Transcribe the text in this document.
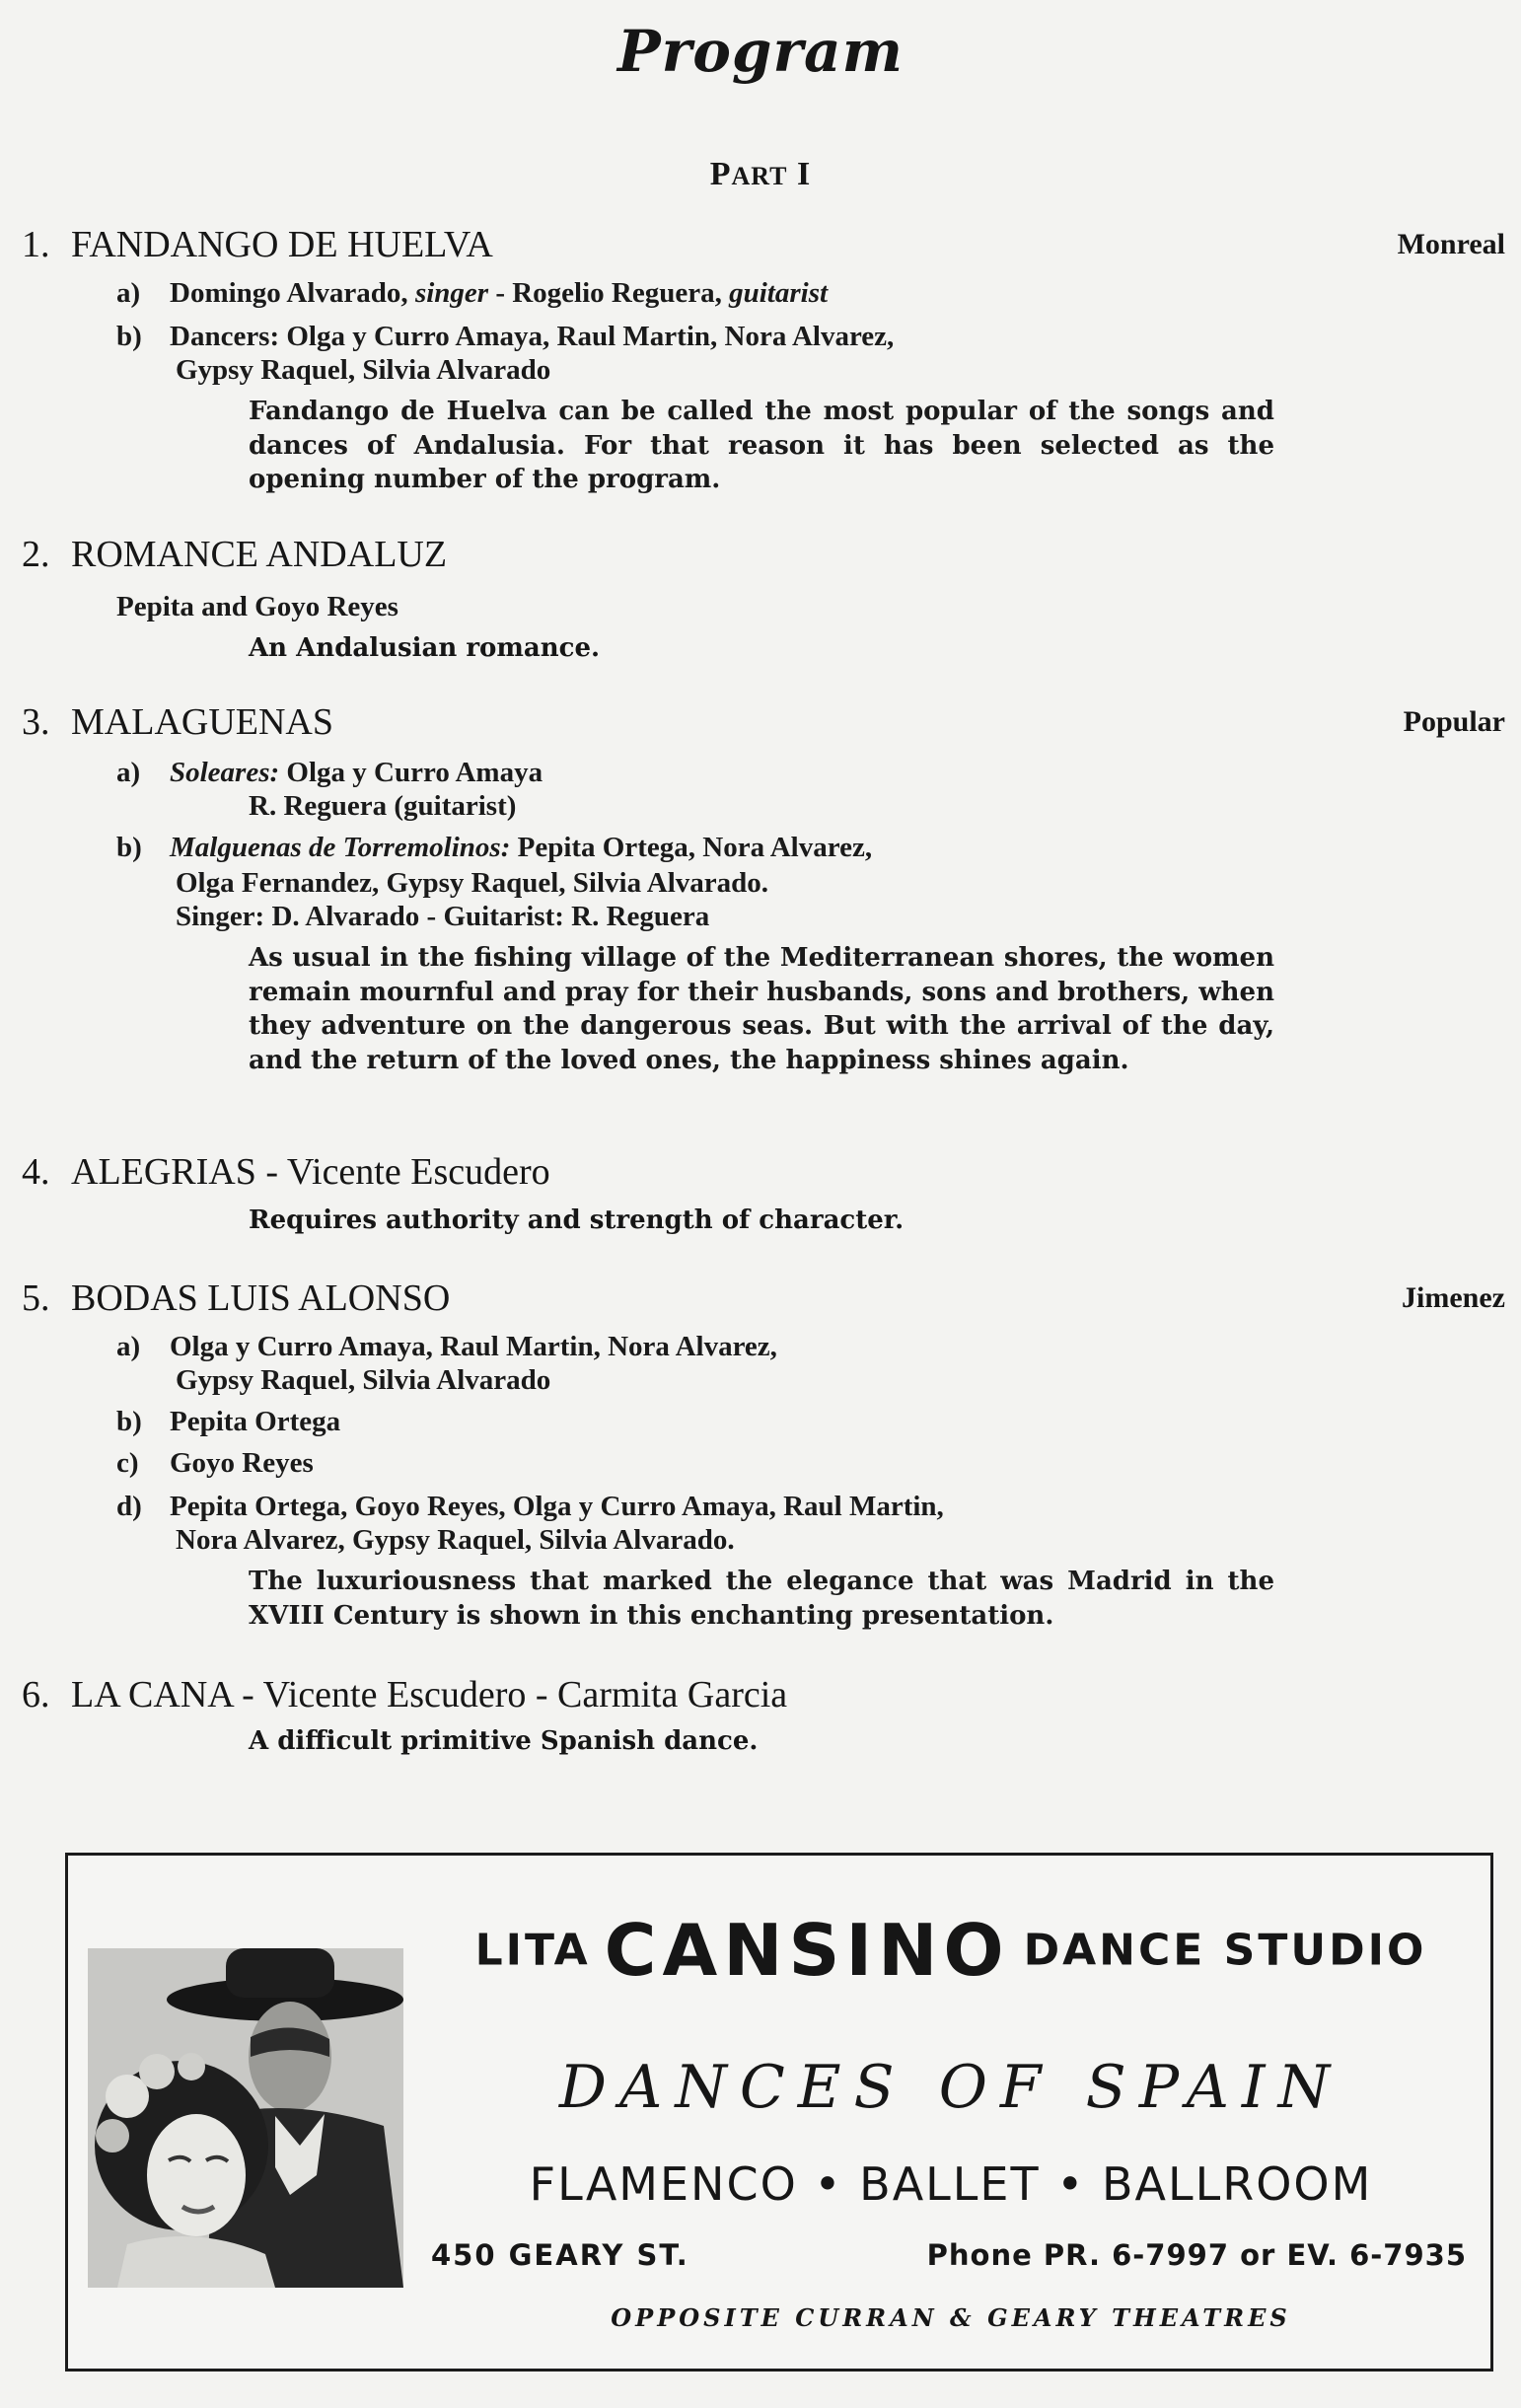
Program
PART I
1. FANDANGO DE HUELVA	Monreal
a) Domingo Alvarado, singer - Rogelio Reguera, guitarist
b) Dancers: Olga y Curro Amaya, Raul Martin, Nora Alvarez,
Gypsy Raquel, Silvia Alvarado
Fandango de Huelva can be called the most popular of the songs and dances of Andalusia. For that reason it has been selected as the opening number of the program.
2. ROMANCE ANDALUZ
Pepita and Goyo Reyes
An Andalusian romance.
3. MALAGUENAS	Popular
a) Soleares: Olga y Curro Amaya
R. Reguera (guitarist)
b) Malguenas de Torremolinos: Pepita Ortega, Nora Alvarez,
Olga Fernandez, Gypsy Raquel, Silvia Alvarado.
Singer: D. Alvarado - Guitarist: R. Reguera
As usual in the fishing village of the Mediterranean shores, the women remain mournful and pray for their husbands, sons and brothers, when they adventure on the dangerous seas. But with the arrival of the day, and the return of the loved ones, the happiness shines again.
4. ALEGRIAS - Vicente Escudero
Requires authority and strength of character.
5. BODAS LUIS ALONSO	Jimenez
a) Olga y Curro Amaya, Raul Martin, Nora Alvarez,
Gypsy Raquel, Silvia Alvarado
b) Pepita Ortega
c) Goyo Reyes
d) Pepita Ortega, Goyo Reyes, Olga y Curro Amaya, Raul Martin,
Nora Alvarez, Gypsy Raquel, Silvia Alvarado.
The luxuriousness that marked the elegance that was Madrid in the XVIII Century is shown in this enchanting presentation.
6. LA CANA - Vicente Escudero - Carmita Garcia
A difficult primitive Spanish dance.
LITA CANSINO DANCE STUDIO
DANCES OF SPAIN
FLAMENCO • BALLET • BALLROOM
450 GEARY ST.	Phone PR. 6-7997 or EV. 6-7935
OPPOSITE CURRAN & GEARY THEATRES
